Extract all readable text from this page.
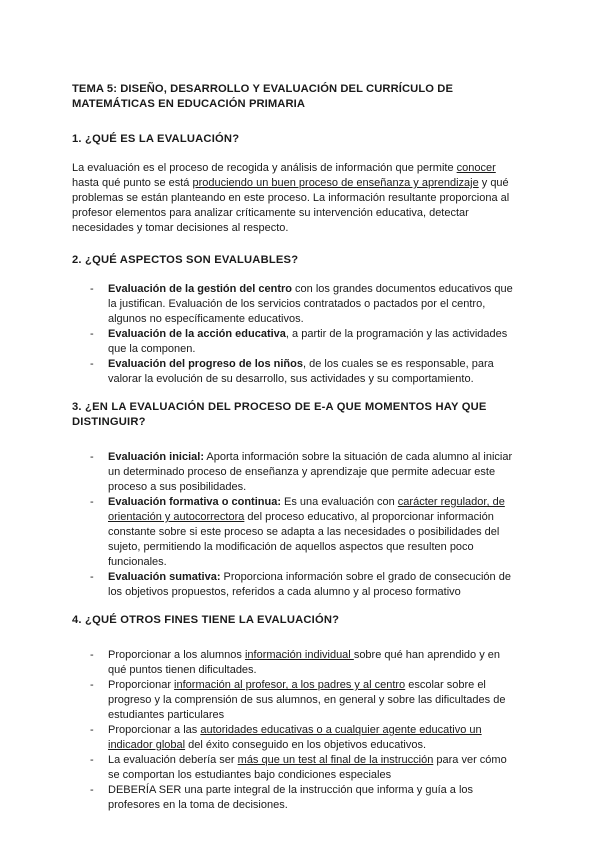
TEMA 5: DISEÑO, DESARROLLO Y EVALUACIÓN DEL CURRÍCULO DE MATEMÁTICAS EN EDUCACIÓN PRIMARIA
1. ¿QUÉ ES LA EVALUACIÓN?

La evaluación es el proceso de recogida y análisis de información que permite conocer hasta qué punto se está produciendo un buen proceso de enseñanza y aprendizaje y qué problemas se están planteando en este proceso. La información resultante proporciona al profesor elementos para analizar críticamente su intervención educativa, detectar necesidades y tomar decisiones al respecto.

2. ¿QUÉ ASPECTOS SON EVALUABLES?
- Evaluación de la gestión del centro con los grandes documentos educativos que la justifican. Evaluación de los servicios contratados o pactados por el centro, algunos no específicamente educativos.
- Evaluación de la acción educativa, a partir de la programación y las actividades que la componen.
- Evaluación del progreso de los niños, de los cuales se es responsable, para valorar la evolución de su desarrollo, sus actividades y su comportamiento.
3. ¿EN LA EVALUACIÓN DEL PROCESO DE E-A QUE MOMENTOS HAY QUE DISTINGUIR?
- Evaluación inicial: Aporta información sobre la situación de cada alumno al iniciar un determinado proceso de enseñanza y aprendizaje que permite adecuar este proceso a sus posibilidades.
- Evaluación formativa o continua: Es una evaluación con carácter regulador, de orientación y autocorrectora del proceso educativo, al proporcionar información constante sobre si este proceso se adapta a las necesidades o posibilidades del sujeto, permitiendo la modificación de aquellos aspectos que resulten poco funcionales.
- Evaluación sumativa: Proporciona información sobre el grado de consecución de los objetivos propuestos, referidos a cada alumno y al proceso formativo
4. ¿QUÉ OTROS FINES TIENE LA EVALUACIÓN?
- Proporcionar a los alumnos información individual sobre qué han aprendido y en qué puntos tienen dificultades.
- Proporcionar información al profesor, a los padres y al centro escolar sobre el progreso y la comprensión de sus alumnos, en general y sobre las dificultades de estudiantes particulares
- Proporcionar a las autoridades educativas o a cualquier agente educativo un indicador global del éxito conseguido en los objetivos educativos.
- La evaluación debería ser más que un test al final de la instrucción para ver cómo se comportan los estudiantes bajo condiciones especiales
- DEBERÍA SER una parte integral de la instrucción que informa y guía a los profesores en la toma de decisiones.
